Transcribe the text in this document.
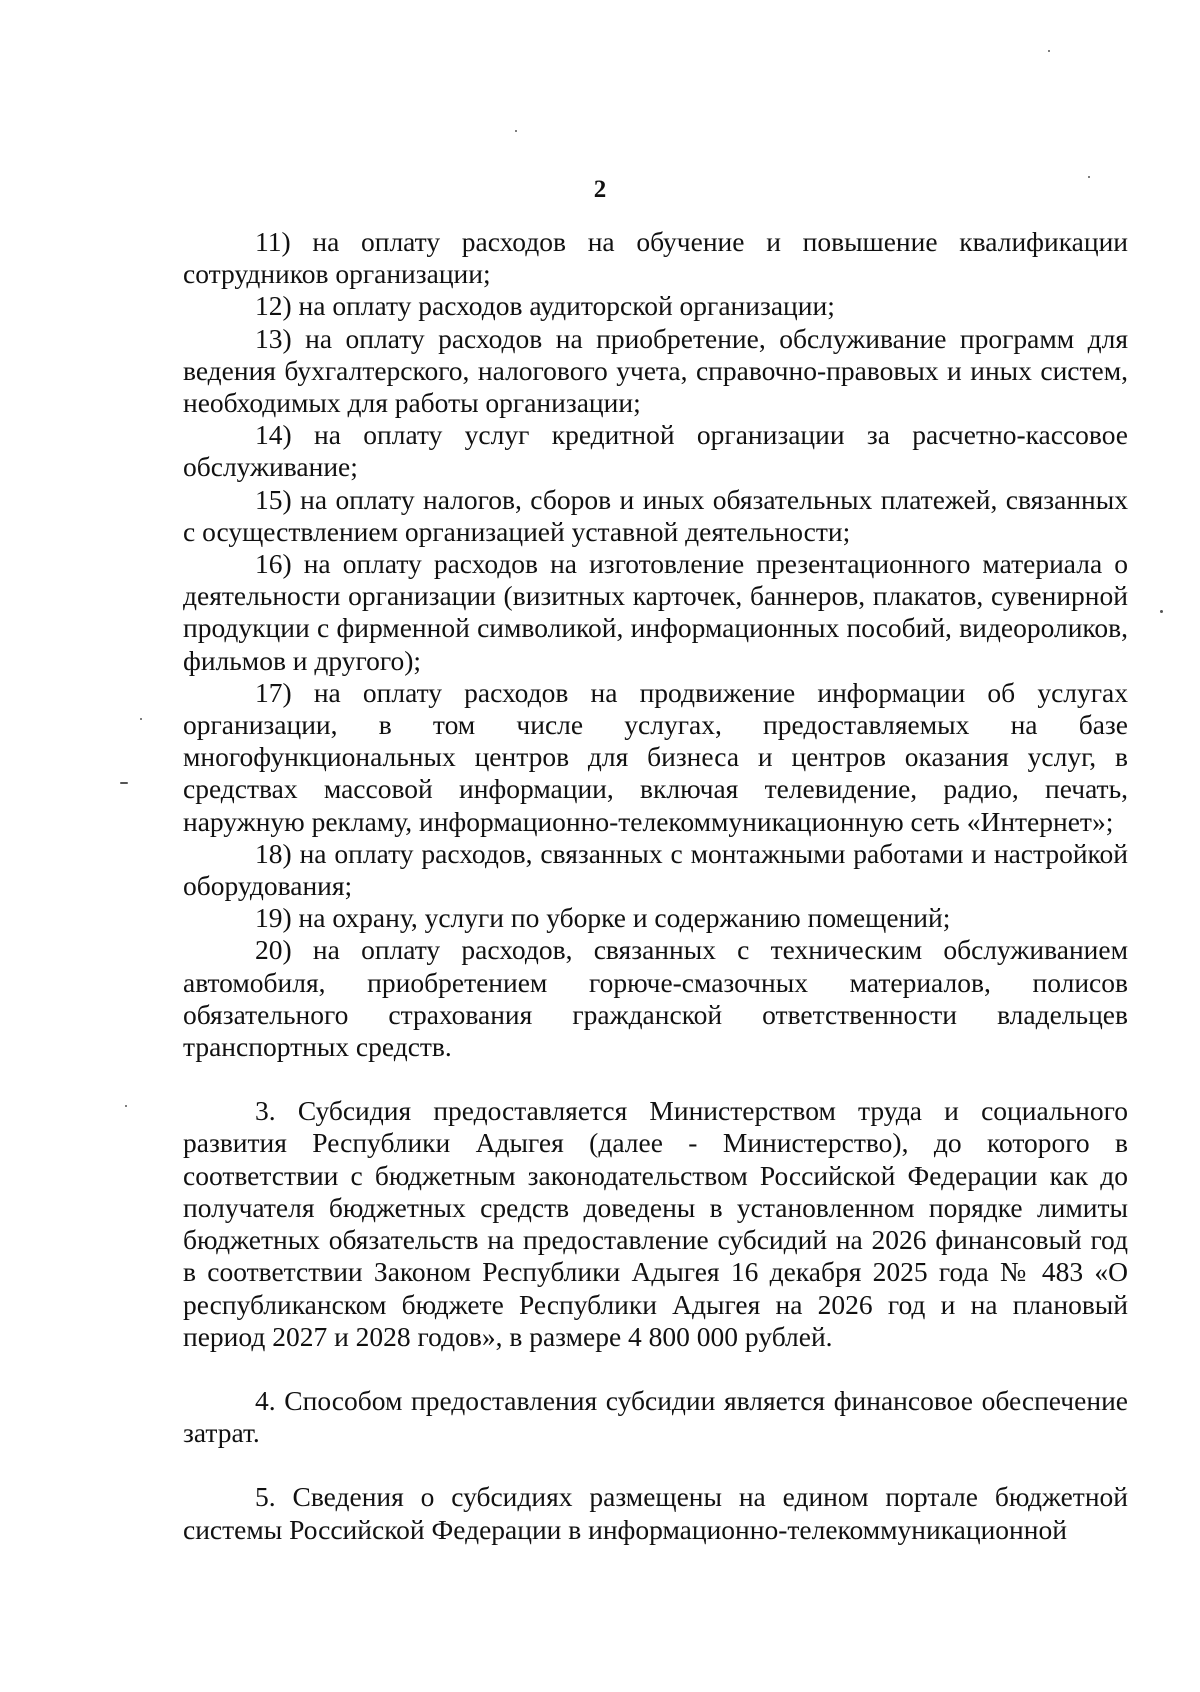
2

11) на оплату расходов на обучение и повышение квалификации сотрудников организации;

12) на оплату расходов аудиторской организации;

13) на оплату расходов на приобретение, обслуживание программ для ведения бухгалтерского, налогового учета, справочно-правовых и иных систем, необходимых для работы организации;

14) на оплату услуг кредитной организации за расчетно-кассовое обслуживание;

15) на оплату налогов, сборов и иных обязательных платежей, связанных с осуществлением организацией уставной деятельности;

16) на оплату расходов на изготовление презентационного материала о деятельности организации (визитных карточек, баннеров, плакатов, сувенирной продукции с фирменной символикой, информационных пособий, видеороликов, фильмов и другого);

17) на оплату расходов на продвижение информации об услугах организации, в том числе услугах, предоставляемых на базе многофункциональных центров для бизнеса и центров оказания услуг, в средствах массовой информации, включая телевидение, радио, печать, наружную рекламу, информационно-телекоммуникационную сеть «Интернет»;

18) на оплату расходов, связанных с монтажными работами и настройкой оборудования;

19) на охрану, услуги по уборке и содержанию помещений;

20) на оплату расходов, связанных с техническим обслуживанием автомобиля, приобретением горюче-смазочных материалов, полисов обязательного страхования гражданской ответственности владельцев транспортных средств.

3. Субсидия предоставляется Министерством труда и социального развития Республики Адыгея (далее - Министерство), до которого в соответствии с бюджетным законодательством Российской Федерации как до получателя бюджетных средств доведены в установленном порядке лимиты бюджетных обязательств на предоставление субсидий на 2026 финансовый год в соответствии Законом Республики Адыгея 16 декабря 2025 года № 483 «О республиканском бюджете Республики Адыгея на 2026 год и на плановый период 2027 и 2028 годов», в размере 4 800 000 рублей.

4. Способом предоставления субсидии является финансовое обеспечение затрат.

5. Сведения о субсидиях размещены на едином портале бюджетной системы Российской Федерации в информационно-телекоммуникационной
